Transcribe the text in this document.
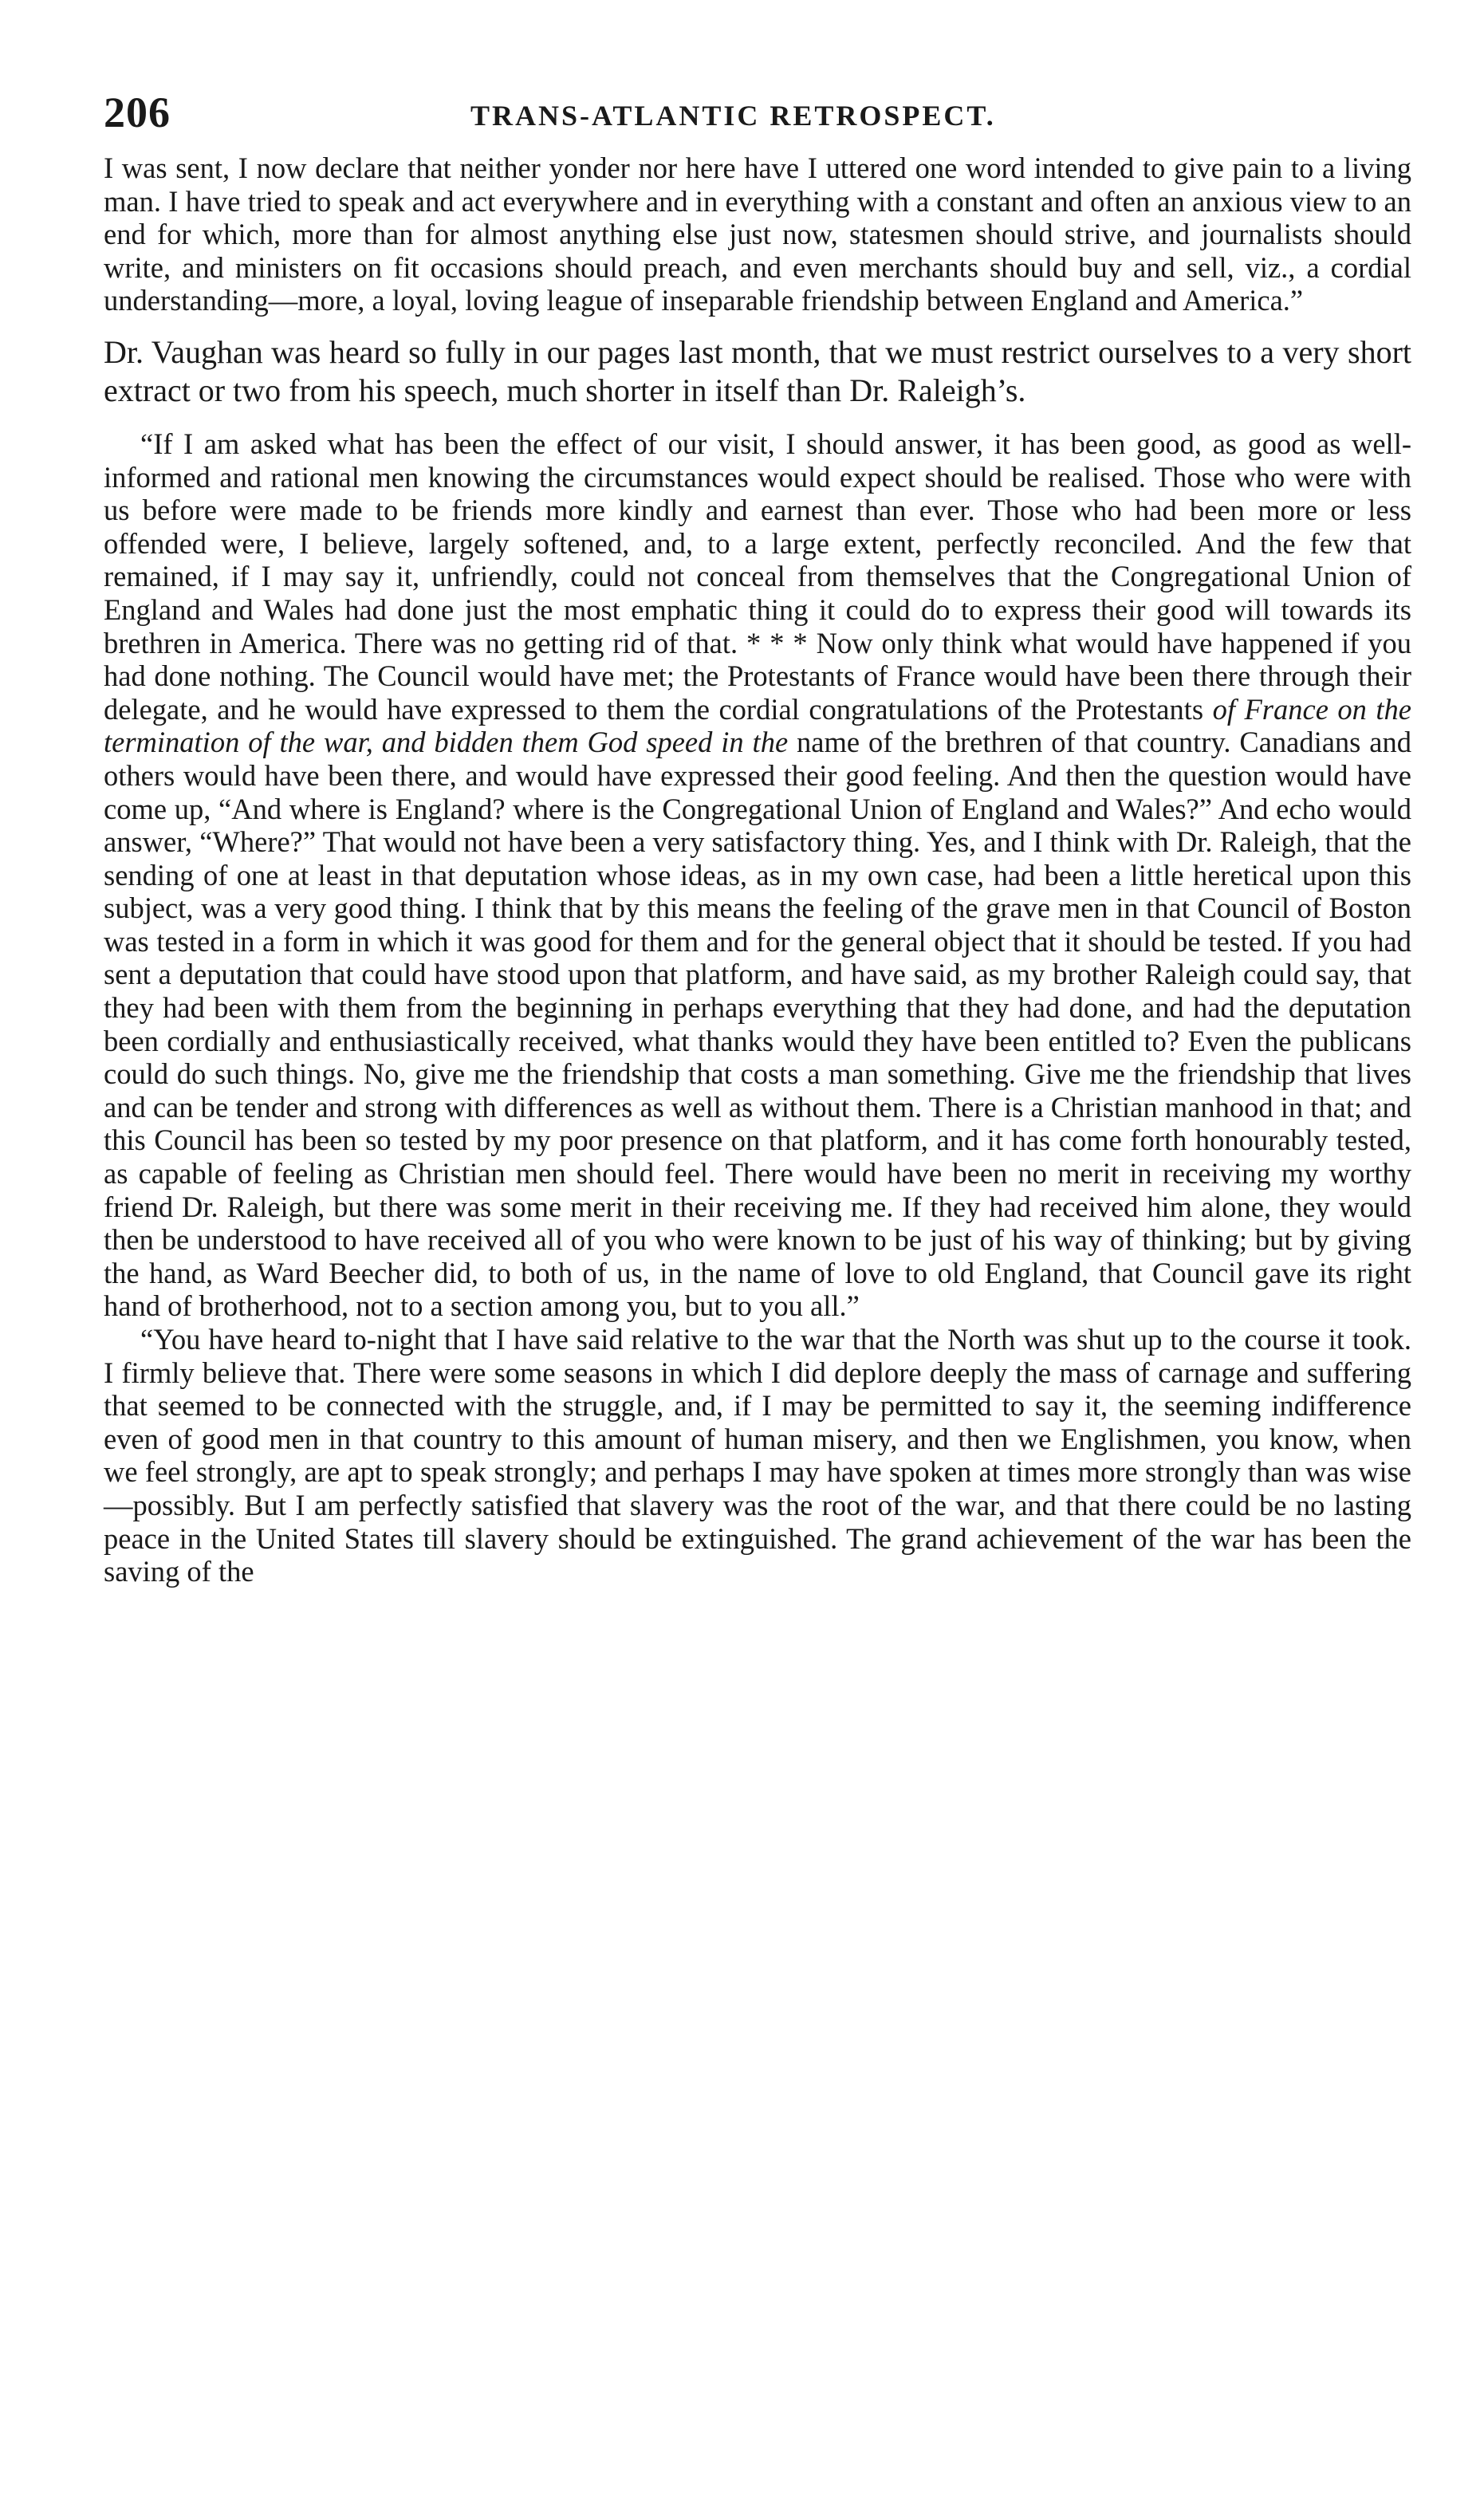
206	TRANS-ATLANTIC RETROSPECT.

I was sent, I now declare that neither yonder nor here have I uttered one word intended to give pain to a living man. I have tried to speak and act everywhere and in everything with a constant and often an anxious view to an end for which, more than for almost anything else just now, statesmen should strive, and journalists should write, and ministers on fit occasions should preach, and even merchants should buy and sell, viz., a cordial understanding—more, a loyal, loving league of inseparable friendship between England and America.”

Dr. Vaughan was heard so fully in our pages last month, that we must restrict ourselves to a very short extract or two from his speech, much shorter in itself than Dr. Raleigh’s.

“If I am asked what has been the effect of our visit, I should answer, it has been good, as good as well-informed and rational men knowing the circumstances would expect should be realised. Those who were with us before were made to be friends more kindly and earnest than ever. Those who had been more or less offended were, I believe, largely softened, and, to a large extent, perfectly reconciled. And the few that remained, if I may say it, unfriendly, could not conceal from themselves that the Congregational Union of England and Wales had done just the most emphatic thing it could do to express their good will towards its brethren in America. There was no getting rid of that. * * * Now only think what would have happened if you had done nothing. The Council would have met; the Protestants of France would have been there through their delegate, and he would have expressed to them the cordial congratulations of the Protestants of France on the termination of the war, and bidden them God speed in the name of the brethren of that country. Canadians and others would have been there, and would have expressed their good feeling. And then the question would have come up, “And where is England? where is the Congregational Union of England and Wales?” And echo would answer, “Where?” That would not have been a very satisfactory thing. Yes, and I think with Dr. Raleigh, that the sending of one at least in that deputation whose ideas, as in my own case, had been a little heretical upon this subject, was a very good thing. I think that by this means the feeling of the grave men in that Council of Boston was tested in a form in which it was good for them and for the general object that it should be tested. If you had sent a deputation that could have stood upon that platform, and have said, as my brother Raleigh could say, that they had been with them from the beginning in perhaps everything that they had done, and had the deputation been cordially and enthusiastically received, what thanks would they have been entitled to? Even the publicans could do such things. No, give me the friendship that costs a man something. Give me the friendship that lives and can be tender and strong with differences as well as without them. There is a Christian manhood in that; and this Council has been so tested by my poor presence on that platform, and it has come forth honourably tested, as capable of feeling as Christian men should feel. There would have been no merit in receiving my worthy friend Dr. Raleigh, but there was some merit in their receiving me. If they had received him alone, they would then be understood to have received all of you who were known to be just of his way of thinking; but by giving the hand, as Ward Beecher did, to both of us, in the name of love to old England, that Council gave its right hand of brotherhood, not to a section among you, but to you all.”

“You have heard to-night that I have said relative to the war that the North was shut up to the course it took. I firmly believe that. There were some seasons in which I did deplore deeply the mass of carnage and suffering that seemed to be connected with the struggle, and, if I may be permitted to say it, the seeming indifference even of good men in that country to this amount of human misery, and then we Englishmen, you know, when we feel strongly, are apt to speak strongly; and perhaps I may have spoken at times more strongly than was wise —possibly. But I am perfectly satisfied that slavery was the root of the war, and that there could be no lasting peace in the United States till slavery should be extinguished. The grand achievement of the war has been the saving of the
